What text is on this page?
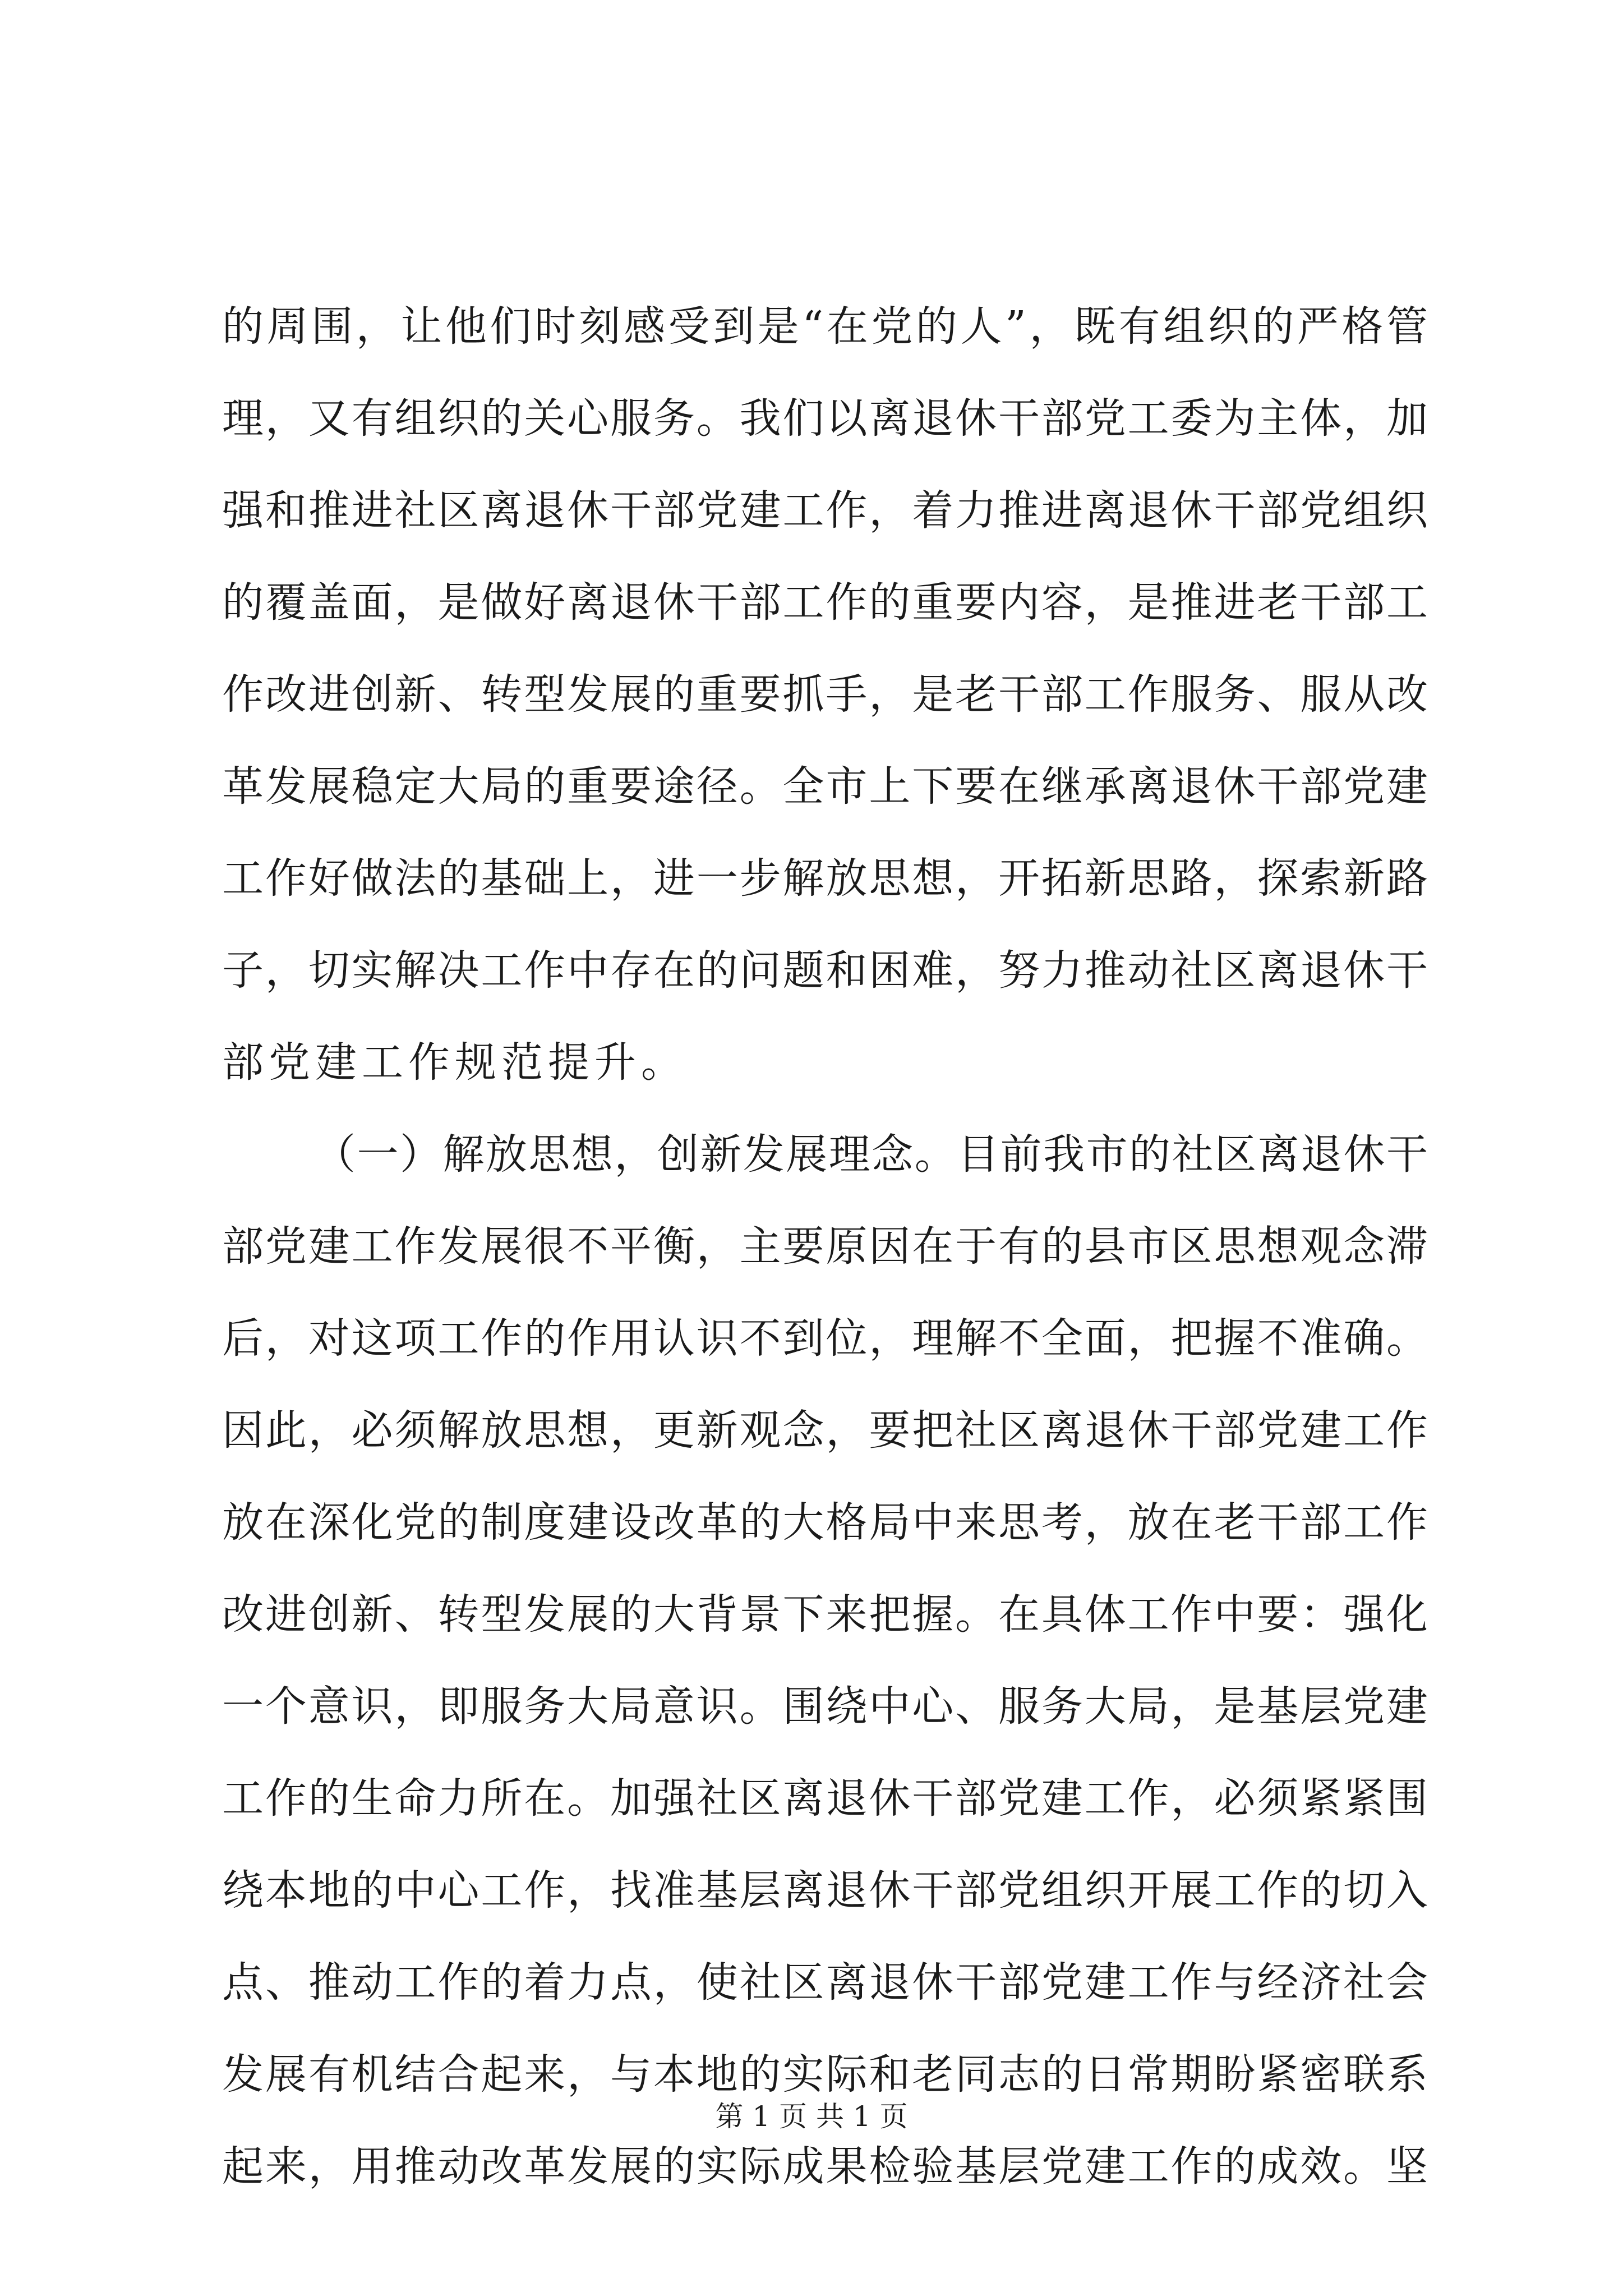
的周围，让他们时刻感受到是“在党的人”，既有组织的严格管
理，又有组织的关心服务。我们以离退休干部党工委为主体，加
强和推进社区离退休干部党建工作，着力推进离退休干部党组织
的覆盖面，是做好离退休干部工作的重要内容，是推进老干部工
作改进创新、转型发展的重要抓手，是老干部工作服务、服从改
革发展稳定大局的重要途径。全市上下要在继承离退休干部党建
工作好做法的基础上，进一步解放思想，开拓新思路，探索新路
子，切实解决工作中存在的问题和困难，努力推动社区离退休干
部党建工作规范提升。
（一）解放思想，创新发展理念。目前我市的社区离退休干
部党建工作发展很不平衡，主要原因在于有的县市区思想观念滞
后，对这项工作的作用认识不到位，理解不全面，把握不准确。
因此，必须解放思想，更新观念，要把社区离退休干部党建工作
放在深化党的制度建设改革的大格局中来思考，放在老干部工作
改进创新、转型发展的大背景下来把握。在具体工作中要：强化
一个意识，即服务大局意识。围绕中心、服务大局，是基层党建
工作的生命力所在。加强社区离退休干部党建工作，必须紧紧围
绕本地的中心工作，找准基层离退休干部党组织开展工作的切入
点、推动工作的着力点，使社区离退休干部党建工作与经济社会
发展有机结合起来，与本地的实际和老同志的日常期盼紧密联系
起来，用推动改革发展的实际成果检验基层党建工作的成效。坚
第 1 页 共 1 页
